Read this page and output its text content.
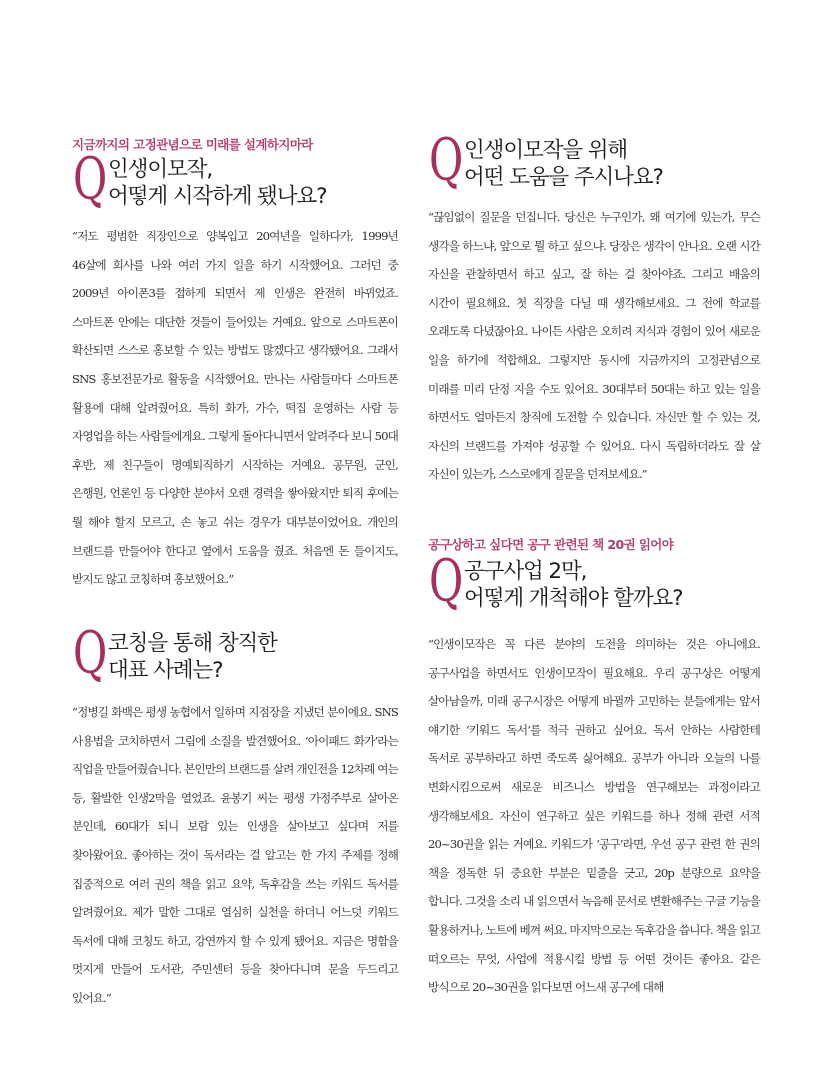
지금까지의 고정관념으로 미래를 설계하지마라
Q 인생이모작,
어떻게 시작하게 됐나요?

“저도 평범한 직장인으로 양복입고 20여년을 일하다가, 1999년 46살에 회사를 나와 여러 가지 일을 하기 시작했어요. 그러던 중 2009년 아이폰3를 접하게 되면서 제 인생은 완전히 바뀌었죠. 스마트폰 안에는 대단한 것들이 들어있는 거예요. 앞으로 스마트폰이 확산되면 스스로 홍보할 수 있는 방법도 많겠다고 생각됐어요. 그래서 SNS 홍보전문가로 활동을 시작했어요. 만나는 사람들마다 스마트폰 활용에 대해 알려줬어요. 특히 화가, 가수, 떡집 운영하는 사람 등 자영업을 하는 사람들에게요. 그렇게 돌아다니면서 알려주다 보니 50대 후반, 제 친구들이 명예퇴직하기 시작하는 거예요. 공무원, 군인, 은행원, 언론인 등 다양한 분야서 오랜 경력을 쌓아왔지만 퇴직 후에는 뭘 해야 할지 모르고, 손 놓고 쉬는 경우가 대부분이었어요. 개인의 브랜드를 만들어야 한다고 옆에서 도움을 줬죠. 처음엔 돈 들이지도, 받지도 않고 코칭하며 홍보했어요.”

Q 코칭을 통해 창직한
대표 사례는?

“정병길 화백은 평생 농협에서 일하며 지점장을 지냈던 분이에요. SNS 사용법을 코치하면서 그림에 소질을 발견했어요. ‘아이패드 화가’라는 직업을 만들어줬습니다. 본인만의 브랜드를 살려 개인전을 12차례 여는 등, 활발한 인생2막을 열었죠. 윤봉기 씨는 평생 가정주부로 살아온 분인데, 60대가 되니 보람 있는 인생을 살아보고 싶다며 저를 찾아왔어요. 좋아하는 것이 독서라는 걸 알고는 한 가지 주제를 정해 집중적으로 여러 권의 책을 읽고 요약, 독후감을 쓰는 키워드 독서를 알려줬어요. 제가 말한 그대로 열심히 실천을 하더니 어느덧 키워드 독서에 대해 코칭도 하고, 강연까지 할 수 있게 됐어요. 지금은 명함을 멋지게 만들어 도서관, 주민센터 등을 찾아다니며 문을 두드리고 있어요.”

Q 인생이모작을 위해
어떤 도움을 주시나요?

“끊임없이 질문을 던집니다. 당신은 누구인가, 왜 여기에 있는가, 무슨 생각을 하느냐, 앞으로 뭘 하고 싶으냐. 당장은 생각이 안나요. 오랜 시간 자신을 관찰하면서 하고 싶고, 잘 하는 걸 찾아야죠. 그리고 배움의 시간이 필요해요. 첫 직장을 다닐 때 생각해보세요. 그 전에 학교를 오래도록 다녔잖아요. 나이든 사람은 오히려 지식과 경험이 있어 새로운 일을 하기에 적합해요. 그렇지만 동시에 지금까지의 고정관념으로 미래를 미리 단정 지을 수도 있어요. 30대부터 50대는 하고 있는 일을 하면서도 얼마든지 창직에 도전할 수 있습니다. 자신만 할 수 있는 것, 자신의 브랜드를 가져야 성공할 수 있어요. 다시 독립하더라도 잘 살 자신이 있는가, 스스로에게 질문을 던져보세요.”

공구상하고 싶다면 공구 관련된 책 20권 읽어야
Q 공구사업 2막,
어떻게 개척해야 할까요?

“인생이모작은 꼭 다른 분야의 도전을 의미하는 것은 아니에요. 공구사업을 하면서도 인생이모작이 필요해요. 우리 공구상은 어떻게 살아남을까, 미래 공구시장은 어떻게 바뀔까 고민하는 분들에게는 앞서 얘기한 ‘키워드 독서’를 적극 권하고 싶어요. 독서 안하는 사람한테 독서로 공부하라고 하면 죽도록 싫어해요. 공부가 아니라 오늘의 나를 변화시킴으로써 새로운 비즈니스 방법을 연구해보는 과정이라고 생각해보세요. 자신이 연구하고 싶은 키워드를 하나 정해 관련 서적 20~30권을 읽는 거예요. 키워드가 ‘공구’라면, 우선 공구 관련 한 권의 책을 정독한 뒤 중요한 부분은 밑줄을 긋고, 20p 분량으로 요약을 합니다. 그것을 소리 내 읽으면서 녹음해 문서로 변환해주는 구글 기능을 활용하거나, 노트에 베껴 써요. 마지막으로는 독후감을 씁니다. 책을 읽고 떠오르는 무엇, 사업에 적용시킬 방법 등 어떤 것이든 좋아요. 같은 방식으로 20~30권을 읽다보면 어느새 공구에 대해
